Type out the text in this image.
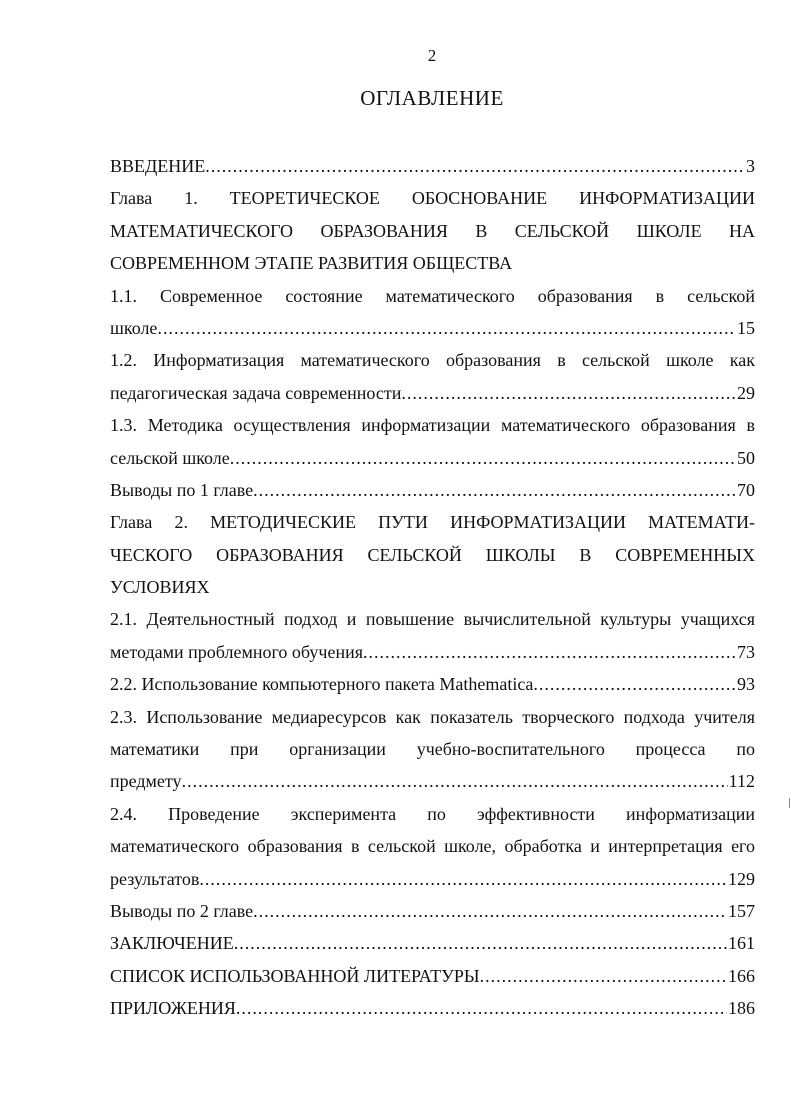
2
ОГЛАВЛЕНИЕ
ВВЕДЕНИЕ .....	3
Глава 1. ТЕОРЕТИЧЕСКОЕ ОБОСНОВАНИЕ ИНФОРМАТИЗАЦИИ
МАТЕМАТИЧЕСКОГО ОБРАЗОВАНИЯ В СЕЛЬСКОЙ ШКОЛЕ НА
СОВРЕМЕННОМ ЭТАПЕ РАЗВИТИЯ ОБЩЕСТВА
1.1. Современное состояние математического образования в сельской
школе .....	15
1.2. Информатизация математического образования в сельской школе как
педагогическая задача современности .....	29
1.3. Методика осуществления информатизации математического образования в
сельской школе .....	50
Выводы по 1 главе .....	70
Глава 2. МЕТОДИЧЕСКИЕ ПУТИ ИНФОРМАТИЗАЦИИ МАТЕМАТИ-
ЧЕСКОГО ОБРАЗОВАНИЯ СЕЛЬСКОЙ ШКОЛЫ В СОВРЕМЕННЫХ
УСЛОВИЯХ
2.1. Деятельностный подход и повышение вычислительной культуры учащихся
методами проблемного обучения .....	73
2.2. Использование компьютерного пакета Mathematica .....	93
2.3. Использование медиаресурсов как показатель творческого подхода учителя
математики при организации учебно-воспитательного процесса по
предмету .....	112
2.4. Проведение эксперимента по эффективности информатизации
математического образования в сельской школе, обработка и интерпретация его
результатов .....	129
Выводы по 2 главе .....	157
ЗАКЛЮЧЕНИЕ .....	161
СПИСОК ИСПОЛЬЗОВАННОЙ ЛИТЕРАТУРЫ .....	166
ПРИЛОЖЕНИЯ .....	186
